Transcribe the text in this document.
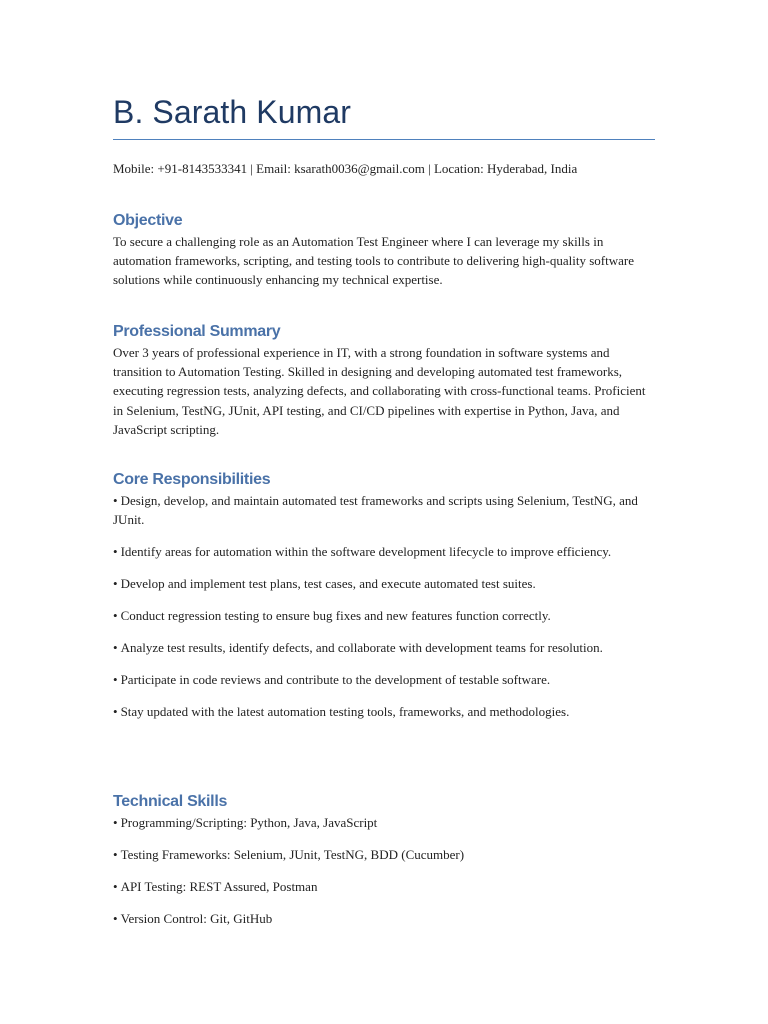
B. Sarath Kumar
Mobile: +91-8143533341 | Email: ksarath0036@gmail.com | Location: Hyderabad, India
Objective

To secure a challenging role as an Automation Test Engineer where I can leverage my skills in automation frameworks, scripting, and testing tools to contribute to delivering high-quality software solutions while continuously enhancing my technical expertise.

Professional Summary

Over 3 years of professional experience in IT, with a strong foundation in software systems and transition to Automation Testing. Skilled in designing and developing automated test frameworks, executing regression tests, analyzing defects, and collaborating with cross-functional teams. Proficient in Selenium, TestNG, JUnit, API testing, and CI/CD pipelines with expertise in Python, Java, and JavaScript scripting.

Core Responsibilities

• Design, develop, and maintain automated test frameworks and scripts using Selenium, TestNG, and JUnit.

• Identify areas for automation within the software development lifecycle to improve efficiency.

• Develop and implement test plans, test cases, and execute automated test suites.

• Conduct regression testing to ensure bug fixes and new features function correctly.

• Analyze test results, identify defects, and collaborate with development teams for resolution.

• Participate in code reviews and contribute to the development of testable software.

• Stay updated with the latest automation testing tools, frameworks, and methodologies.

Technical Skills

• Programming/Scripting: Python, Java, JavaScript

• Testing Frameworks: Selenium, JUnit, TestNG, BDD (Cucumber)

• API Testing: REST Assured, Postman

• Version Control: Git, GitHub
